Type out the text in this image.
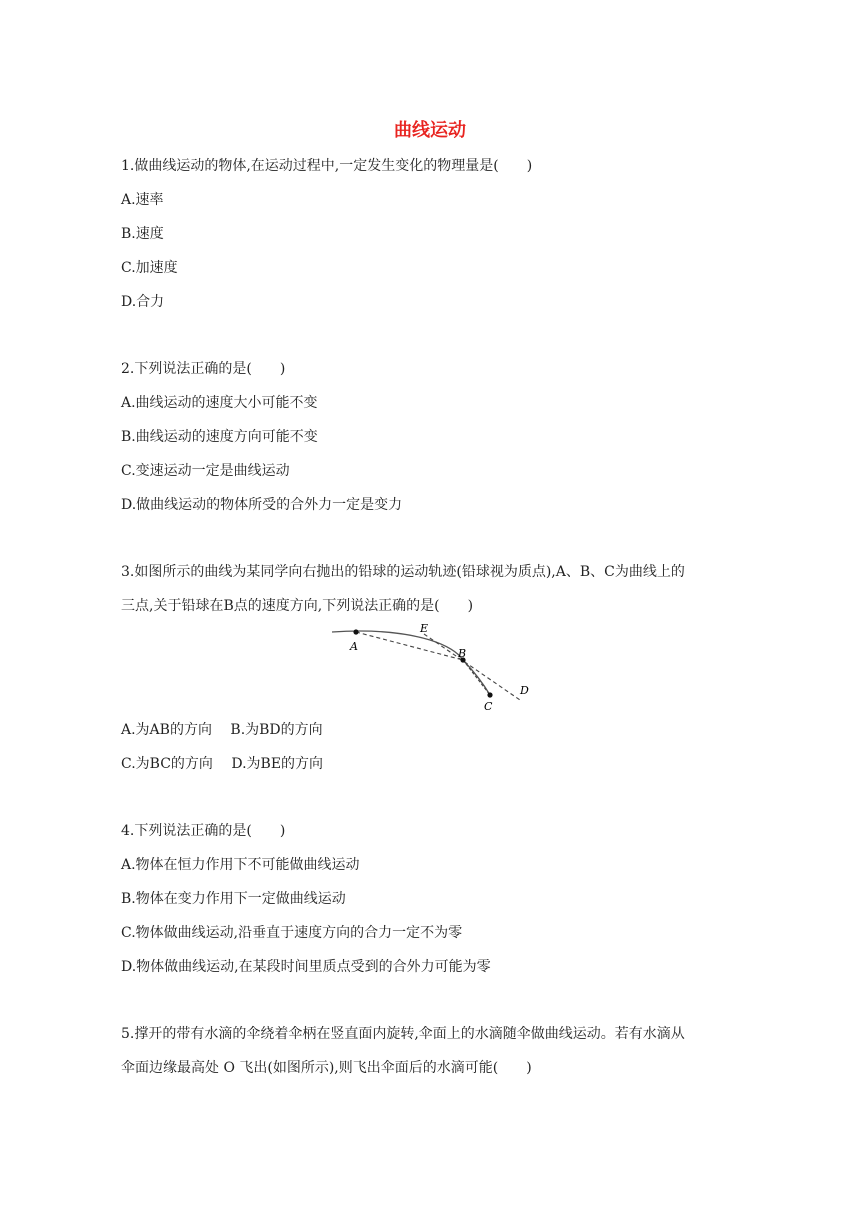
曲线运动
1.做曲线运动的物体,在运动过程中,一定发生变化的物理量是(　　)
A.速率
B.速度
C.加速度
D.合力
2.下列说法正确的是(　　)
A.曲线运动的速度大小可能不变
B.曲线运动的速度方向可能不变
C.变速运动一定是曲线运动
D.做曲线运动的物体所受的合外力一定是变力
3.如图所示的曲线为某同学向右抛出的铅球的运动轨迹(铅球视为质点),A、B、C为曲线上的
三点,关于铅球在B点的速度方向,下列说法正确的是(　　)
A
B
C
D
E
A.为AB的方向　 B.为BD的方向
C.为BC的方向　 D.为BE的方向
4.下列说法正确的是(　　)
A.物体在恒力作用下不可能做曲线运动
B.物体在变力作用下一定做曲线运动
C.物体做曲线运动,沿垂直于速度方向的合力一定不为零
D.物体做曲线运动,在某段时间里质点受到的合外力可能为零
5.撑开的带有水滴的伞绕着伞柄在竖直面内旋转,伞面上的水滴随伞做曲线运动。若有水滴从
伞面边缘最高处 O 飞出(如图所示),则飞出伞面后的水滴可能(　　)
